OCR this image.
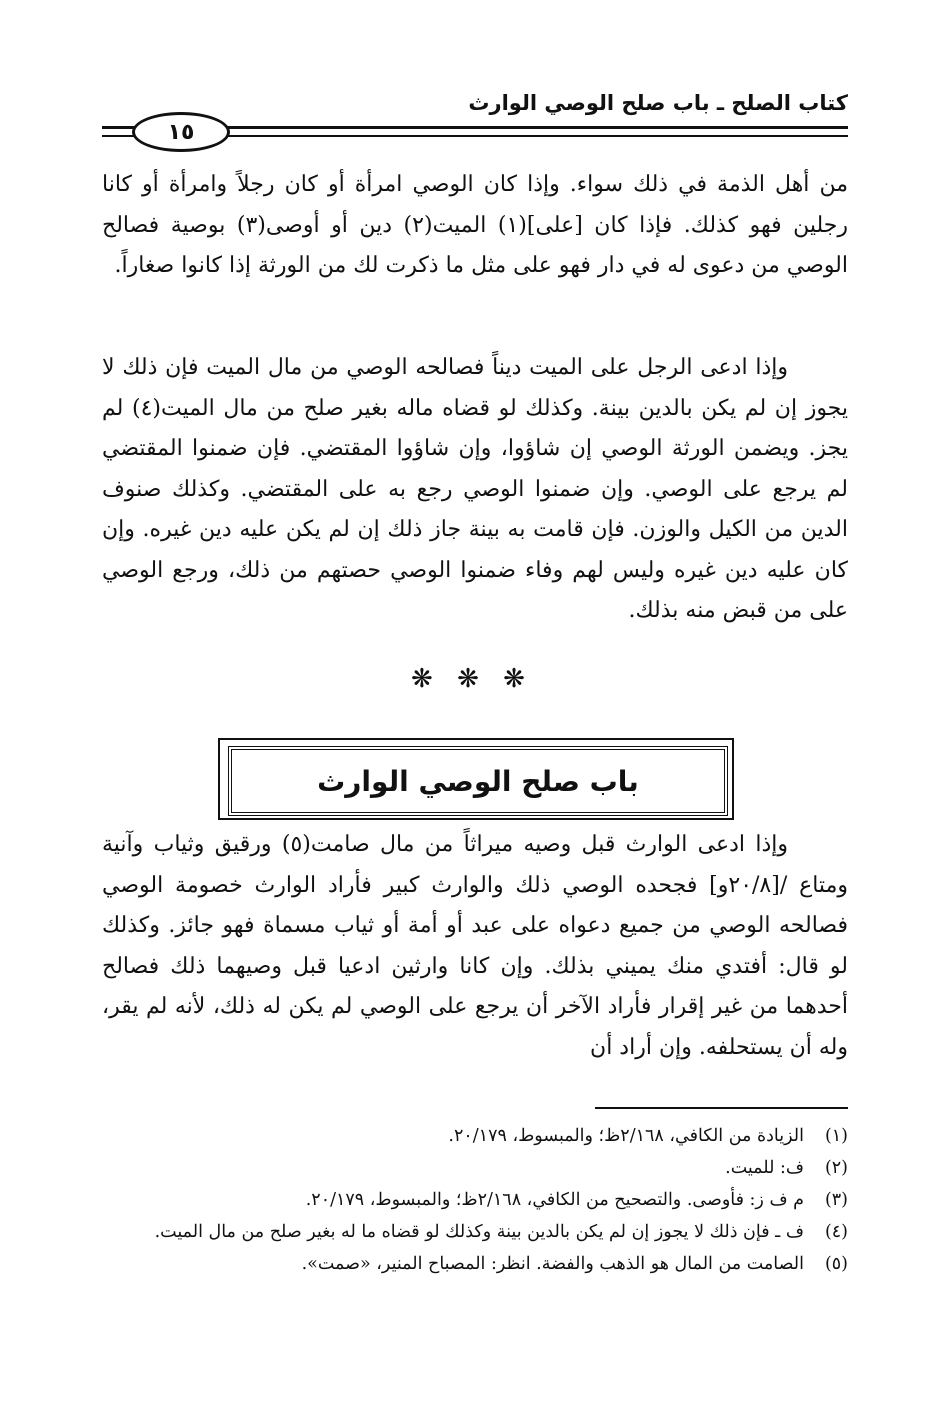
كتاب الصلح ـ باب صلح الوصي الوارث
١٥

من أهل الذمة في ذلك سواء. وإذا كان الوصي امرأة أو كان رجلاً وامرأة أو كانا رجلين فهو كذلك. فإذا كان [على](١) الميت(٢) دين أو أوصى(٣) بوصية فصالح الوصي من دعوى له في دار فهو على مثل ما ذكرت لك من الورثة إذا كانوا صغاراً.

وإذا ادعى الرجل على الميت ديناً فصالحه الوصي من مال الميت فإن ذلك لا يجوز إن لم يكن بالدين بينة. وكذلك لو قضاه ماله بغير صلح من مال الميت(٤) لم يجز. ويضمن الورثة الوصي إن شاؤوا، وإن شاؤوا المقتضي. فإن ضمنوا المقتضي لم يرجع على الوصي. وإن ضمنوا الوصي رجع به على المقتضي. وكذلك صنوف الدين من الكيل والوزن. فإن قامت به بينة جاز ذلك إن لم يكن عليه دين غيره. وإن كان عليه دين غيره وليس لهم وفاء ضمنوا الوصي حصتهم من ذلك، ورجع الوصي على من قبض منه بذلك.

❋ ❋ ❋
باب صلح الوصي الوارث

وإذا ادعى الوارث قبل وصيه ميراثاً من مال صامت(٥) ورقيق وثياب وآنية ومتاع /[٢٠/٨و] فجحده الوصي ذلك والوارث كبير فأراد الوارث خصومة الوصي فصالحه الوصي من جميع دعواه على عبد أو أمة أو ثياب مسماة فهو جائز. وكذلك لو قال: أفتدي منك يميني بذلك. وإن كانا وارثين ادعيا قبل وصيهما ذلك فصالح أحدهما من غير إقرار فأراد الآخر أن يرجع على الوصي لم يكن له ذلك، لأنه لم يقر، وله أن يستحلفه. وإن أراد أن

(١)
الزيادة من الكافي، ٢/١٦٨ظ؛ والمبسوط، ٢٠/١٧٩.
(٢)
ف: للميت.
(٣)
م ف ز: فأوصى. والتصحيح من الكافي، ٢/١٦٨ظ؛ والمبسوط، ٢٠/١٧٩.
(٤)
ف ـ فإن ذلك لا يجوز إن لم يكن بالدين بينة وكذلك لو قضاه ما له بغير صلح من مال الميت.
(٥)
الصامت من المال هو الذهب والفضة. انظر: المصباح المنير، «صمت».
